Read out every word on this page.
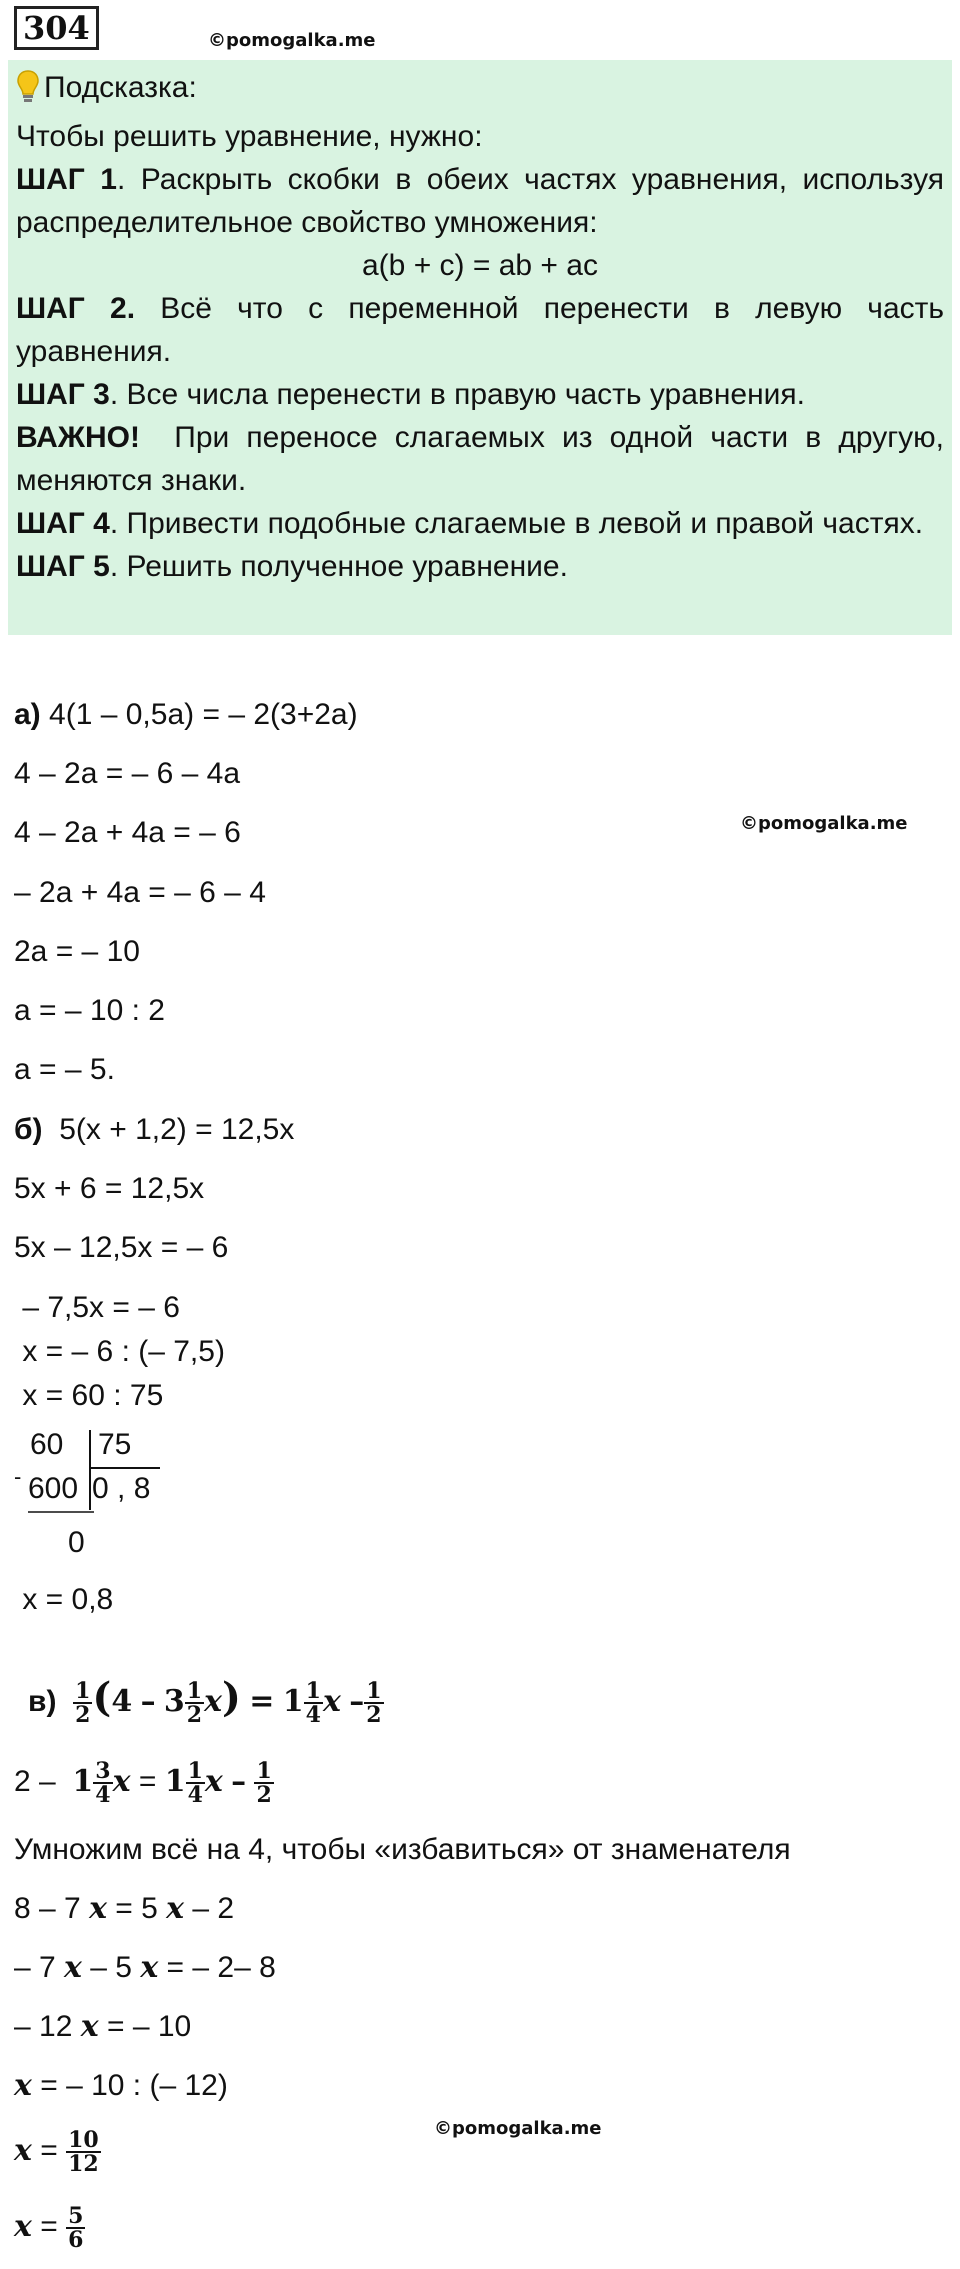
304	©pomogalka.me

Подсказка:

Чтобы решить уравнение, нужно:

ШАГ 1. Раскрыть скобки в обеих частях уравнения, используя распределительное свойство умножения:

a(b + c) = ab + ac

ШАГ 2. Всё что с переменной перенести в левую часть уравнения.

ШАГ 3. Все числа перенести в правую часть уравнения.

ВАЖНО!  При переносе слагаемых из одной части в другую, меняются знаки.

ШАГ 4. Привести подобные слагаемые в левой и правой частях.

ШАГ 5. Решить полученное уравнение.

а) 4(1 – 0,5a) = – 2(3+2a)
4 – 2a = – 6 – 4a
4 – 2a + 4a = – 6	©pomogalka.me
– 2a + 4a = – 6 – 4
2a = – 10
a = – 10 : 2
a = – 5.
б) 5(x + 1,2) = 12,5x
5x + 6 = 12,5x
5x – 12,5x = – 6
– 7,5x = – 6
x = – 6 : (– 7,5)
x = 60 : 75
60 75
- 600 0 , 8
0
x = 0,8
$в) \frac{1}{2} (4 - 3 \frac{1}{2} x) = 1 \frac{1}{4}$ x – $\frac{1}{2}$
$2 - 1 \frac{3}{4}$ $x = 1 \frac{1}{4}$ x – $\frac{1}{2}$
Умножим всё на 4, чтобы «избавиться» от знаменателя
8 – 7 x = 5 x – 2
– 7 x – 5 x = – 2– 8
– 12 x = – 10
x = – 10 : (– 12)
©pomogalka.me
$x = \frac{10}{12}$
$x = \frac{5}{6}$
